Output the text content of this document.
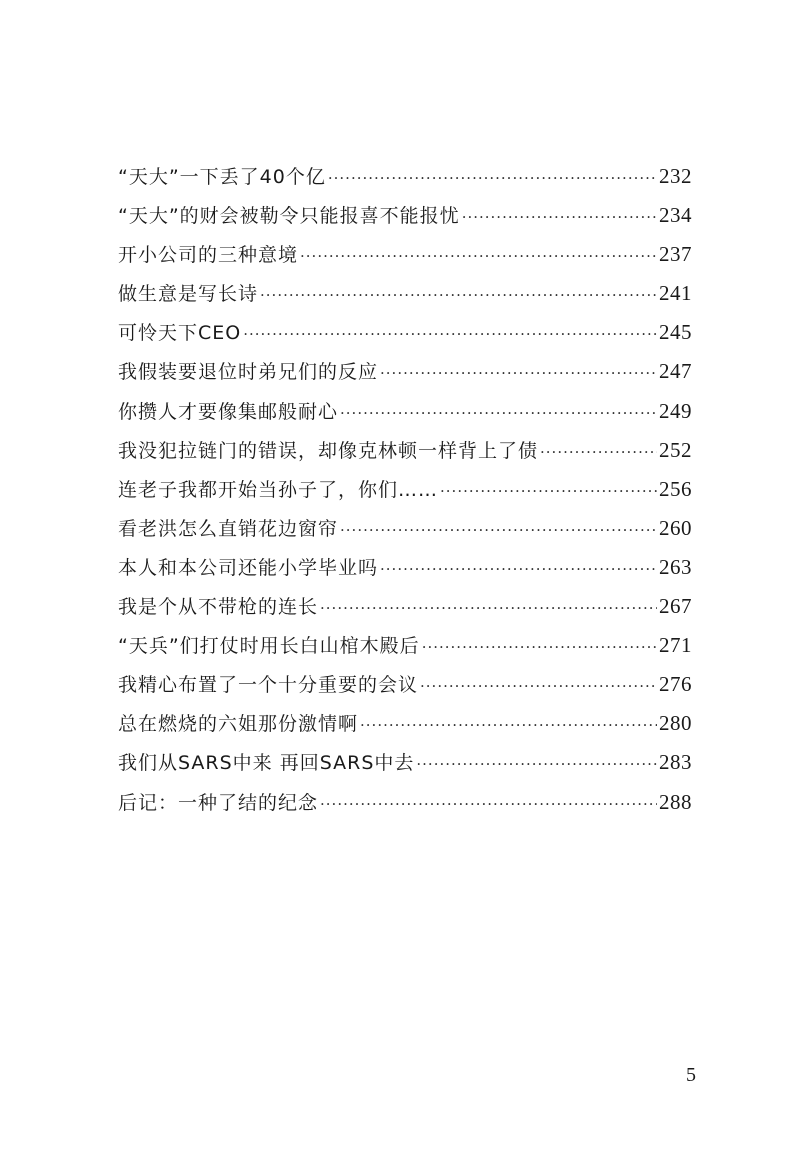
“天大”一下丢了40个亿 ·····	232
“天大”的财会被勒令只能报喜不能报忧 ·····	234
开小公司的三种意境 ·····	237
做生意是写长诗 ·····	241
可怜天下CEO ·····	245
我假装要退位时弟兄们的反应 ·····	247
你攒人才要像集邮般耐心 ·····	249
我没犯拉链门的错误，却像克林顿一样背上了债 ·····	252
连老子我都开始当孙子了，你们…… ·····	256
看老洪怎么直销花边窗帘 ·····	260
本人和本公司还能小学毕业吗 ·····	263
我是个从不带枪的连长 ·····	267
“天兵”们打仗时用长白山棺木殿后 ·····	271
我精心布置了一个十分重要的会议 ·····	276
总在燃烧的六姐那份激情啊 ·····	280
我们从SARS中来 再回SARS中去 ·····	283
后记：一种了结的纪念 ·····	288
5
